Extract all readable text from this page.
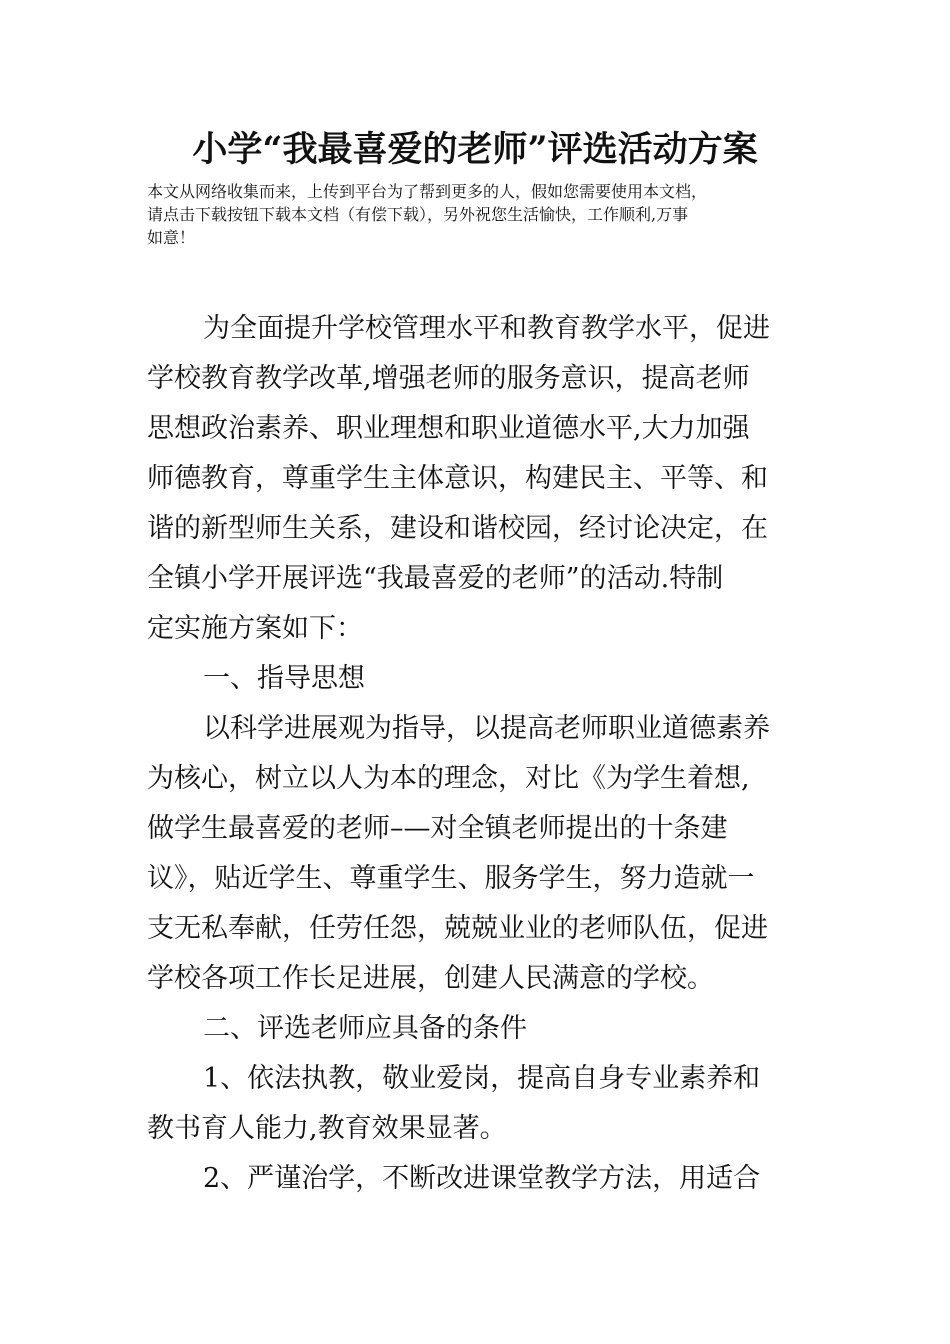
小学“我最喜爱的老师”评选活动方案
本文从网络收集而来，上传到平台为了帮到更多的人，假如您需要使用本文档，
请点击下载按钮下载本文档（有偿下载），另外祝您生活愉快，工作顺利,万事
如意！
为全面提升学校管理水平和教育教学水平，促进
学校教育教学改革,增强老师的服务意识，提高老师
思想政治素养、职业理想和职业道德水平,大力加强
师德教育，尊重学生主体意识，构建民主、平等、和
谐的新型师生关系，建设和谐校园，经讨论决定，在
全镇小学开展评选“我最喜爱的老师”的活动.特制
定实施方案如下：
一、指导思想
以科学进展观为指导，以提高老师职业道德素养
为核心，树立以人为本的理念，对比《为学生着想,
做学生最喜爱的老师–—对全镇老师提出的十条建
议》，贴近学生、尊重学生、服务学生，努力造就一
支无私奉献，任劳任怨，兢兢业业的老师队伍，促进
学校各项工作长足进展，创建人民满意的学校。
二、评选老师应具备的条件
1、依法执教，敬业爱岗，提高自身专业素养和
教书育人能力,教育效果显著。
2、严谨治学，不断改进课堂教学方法，用适合
